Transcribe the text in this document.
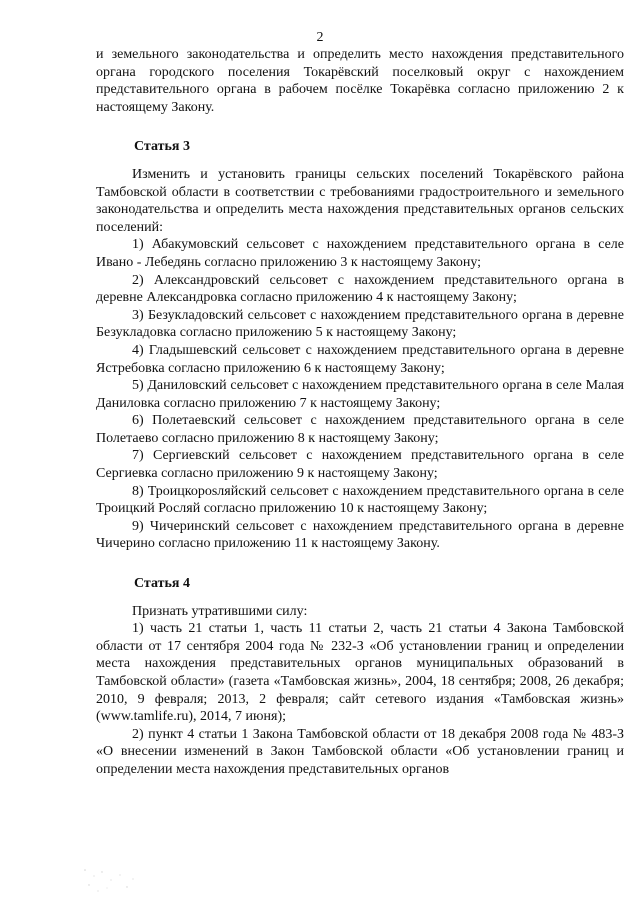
2

и земельного законодательства и определить место нахождения представительного органа городского поселения Токарёвский поселковый округ с нахождением представительного органа в рабочем посёлке Токарёвка согласно приложению 2 к настоящему Закону.

Статья 3

Изменить и установить границы сельских поселений Токарёвского района Тамбовской области в соответствии с требованиями градостроительного и земельного законодательства и определить места нахождения представительных органов сельских поселений:

1) Абакумовский сельсовет с нахождением представительного органа в селе Ивано - Лебедянь согласно приложению 3 к настоящему Закону;

2) Александровский сельсовет с нахождением представительного органа в деревне Александровка согласно приложению 4 к настоящему Закону;

3) Безукладовский сельсовет с нахождением представительного органа в деревне Безукладовка согласно приложению 5 к настоящему Закону;

4) Гладышевский сельсовет с нахождением представительного органа в деревне Ястребовка согласно приложению 6 к настоящему Закону;

5) Даниловский сельсовет с нахождением представительного органа в селе Малая Даниловка согласно приложению 7 к настоящему Закону;

6) Полетаевский сельсовет с нахождением представительного органа в селе Полетаево согласно приложению 8 к настоящему Закону;

7) Сергиевский сельсовет с нахождением представительного органа в селе Сергиевка согласно приложению 9 к настоящему Закону;

8) Троицкорosляйский сельсовет с нахождением представительного органа в селе Троицкий Росляй согласно приложению 10 к настоящему Закону;

9) Чичеринский сельсовет с нахождением представительного органа в деревне Чичерино согласно приложению 11 к настоящему Закону.

Статья 4

Признать утратившими силу:

1) часть 21 статьи 1, часть 11 статьи 2, часть 21 статьи 4 Закона Тамбовской области от 17 сентября 2004 года № 232-З «Об установлении границ и определении места нахождения представительных органов муниципальных образований в Тамбовской области» (газета «Тамбовская жизнь», 2004, 18 сентября; 2008, 26 декабря; 2010, 9 февраля; 2013, 2 февраля; сайт сетевого издания «Тамбовская жизнь» (www.tamlife.ru), 2014, 7 июня);

2) пункт 4 статьи 1 Закона Тамбовской области от 18 декабря 2008 года № 483-З «О внесении изменений в Закон Тамбовской области «Об установлении границ и определении места нахождения представительных органов
